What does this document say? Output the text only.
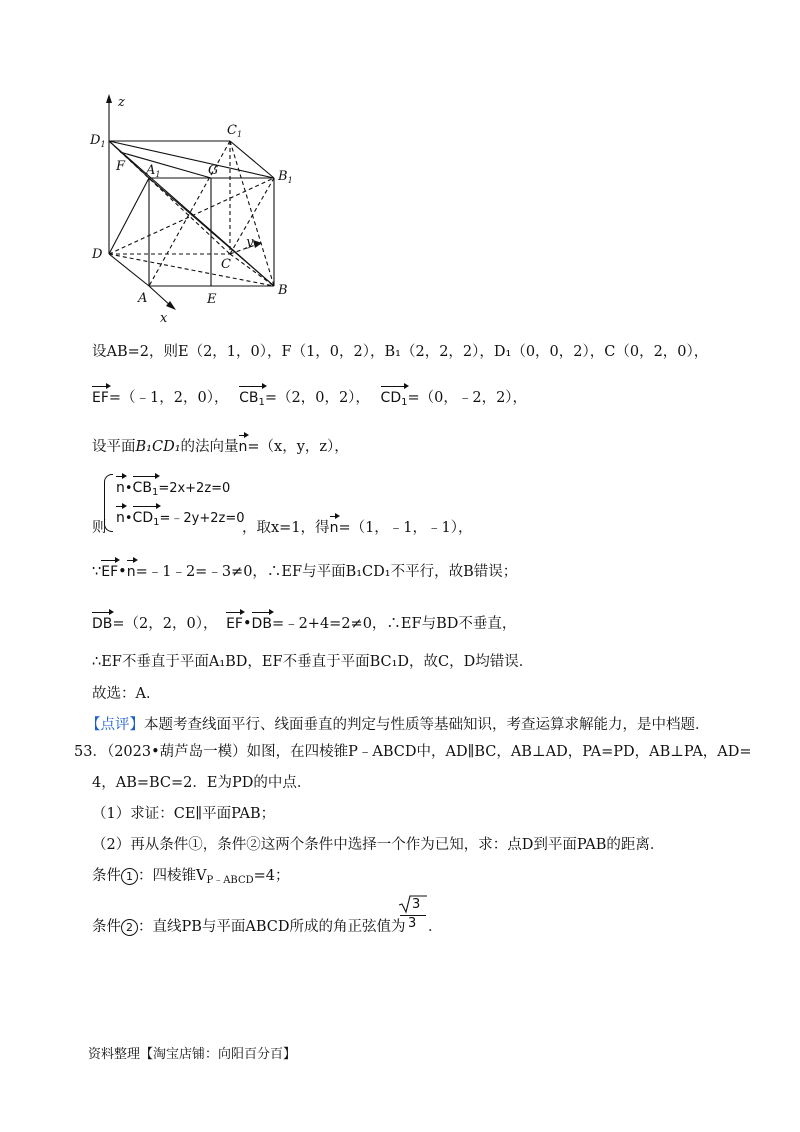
z
$D_1$
$C_1$
F $A_1$	G	$B_1$
y
D
C
A	E
B
x
设AB=2，则E（2，1，0），F（1，0，2），B₁（2，2，2），D₁（0，0，2），C（0，2，0），
EF=（﹣1，2，0）， $CB_1=(2$，0，2）， $CD_1=(0$，﹣2，2），
设平面B₁CD₁的法向量n=（x，y，z），
$n•CB_1=2x+2z=0$
$n•CD_1=﹣2y+2z=0$
则	，取x=1，得n=（1，﹣1，﹣1），
∵EF•n=﹣1﹣2=﹣3≠0，∴EF与平面B₁CD₁不平行，故B错误；
DB=（2，2，0）， EF•DB=﹣2+4=2≠0，∴EF与BD不垂直，
∴EF不垂直于平面A₁BD，EF不垂直于平面BC₁D，故C，D均错误．
故选：A．
【点评】本题考查线面平行、线面垂直的判定与性质等基础知识，考查运算求解能力，是中档题．
53．（2023•葫芦岛一模）如图，在四棱锥P﹣ABCD中，AD∥BC，AB⊥AD，PA=PD，AB⊥PA，AD=
4，AB=BC=2．E为PD的中点．
（1）求证：CE∥平面PAB；
（2）再从条件①，条件②这两个条件中选择一个作为已知，求：点D到平面PAB的距离．
条件 1 ：四棱锥$V_{P﹣ABCD}=4$；
条件 2 ：直线PB与平面ABCD所成的角正弦值为
3
3 ．
资料整理【淘宝店铺：向阳百分百】
